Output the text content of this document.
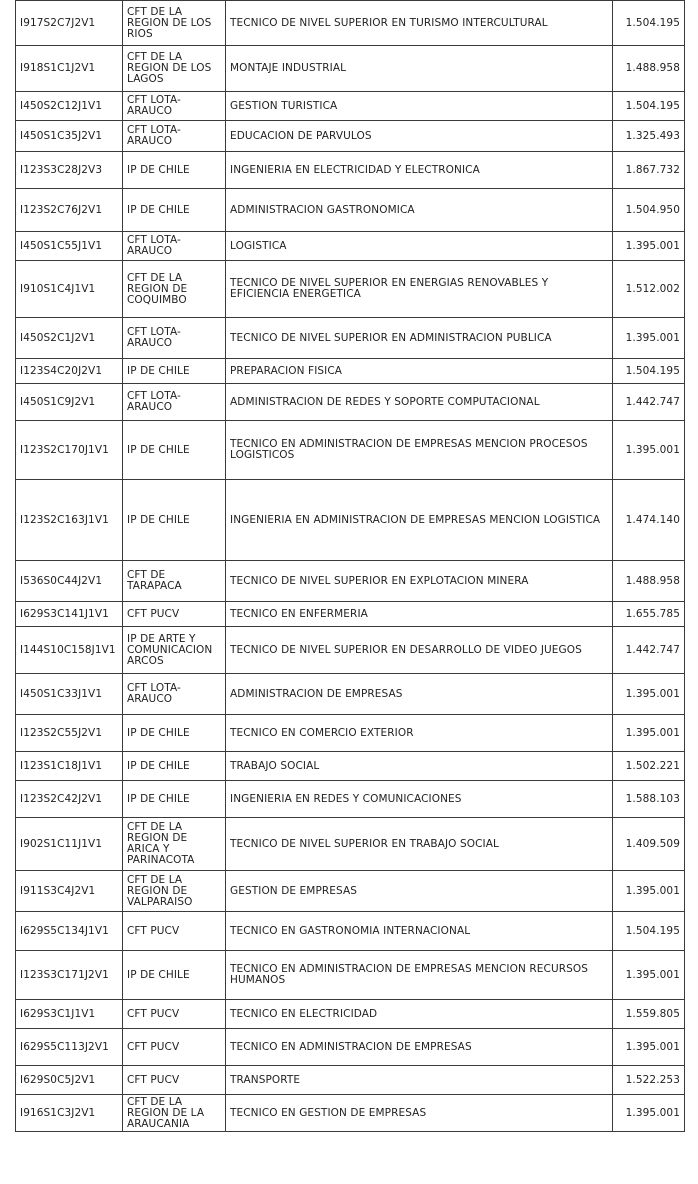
I917S2C7J2V1	CFT DE LA REGION DE LOS RIOS	TECNICO DE NIVEL SUPERIOR EN TURISMO INTERCULTURAL	1.504.195
I918S1C1J2V1	CFT DE LA REGION DE LOS LAGOS	MONTAJE INDUSTRIAL	1.488.958
I450S2C12J1V1	CFT LOTA-ARAUCO	GESTION TURISTICA	1.504.195
I450S1C35J2V1	CFT LOTA-ARAUCO	EDUCACION DE PARVULOS	1.325.493
I123S3C28J2V3	IP DE CHILE	INGENIERIA EN ELECTRICIDAD Y ELECTRONICA	1.867.732
I123S2C76J2V1	IP DE CHILE	ADMINISTRACION GASTRONOMICA	1.504.950
I450S1C55J1V1	CFT LOTA-ARAUCO	LOGISTICA	1.395.001
I910S1C4J1V1	CFT DE LA REGION DE COQUIMBO	TECNICO DE NIVEL SUPERIOR EN ENERGIAS RENOVABLES Y EFICIENCIA ENERGETICA	1.512.002
I450S2C1J2V1	CFT LOTA-ARAUCO	TECNICO DE NIVEL SUPERIOR EN ADMINISTRACION PUBLICA	1.395.001
I123S4C20J2V1	IP DE CHILE	PREPARACION FISICA	1.504.195
I450S1C9J2V1	CFT LOTA-ARAUCO	ADMINISTRACION DE REDES Y SOPORTE COMPUTACIONAL	1.442.747
I123S2C170J1V1	IP DE CHILE	TECNICO EN ADMINISTRACION DE EMPRESAS MENCION PROCESOS LOGISTICOS	1.395.001
I123S2C163J1V1	IP DE CHILE	INGENIERIA EN ADMINISTRACION DE EMPRESAS MENCION LOGISTICA	1.474.140
I536S0C44J2V1	CFT DE TARAPACA	TECNICO DE NIVEL SUPERIOR EN EXPLOTACION MINERA	1.488.958
I629S3C141J1V1	CFT PUCV	TECNICO EN ENFERMERIA	1.655.785
I144S10C158J1V1	IP DE ARTE Y COMUNICACION ARCOS	TECNICO DE NIVEL SUPERIOR EN DESARROLLO DE VIDEO JUEGOS	1.442.747
I450S1C33J1V1	CFT LOTA-ARAUCO	ADMINISTRACION DE EMPRESAS	1.395.001
I123S2C55J2V1	IP DE CHILE	TECNICO EN COMERCIO EXTERIOR	1.395.001
I123S1C18J1V1	IP DE CHILE	TRABAJO SOCIAL	1.502.221
I123S2C42J2V1	IP DE CHILE	INGENIERIA EN REDES Y COMUNICACIONES	1.588.103
I902S1C11J1V1	CFT DE LA REGION DE ARICA Y PARINACOTA	TECNICO DE NIVEL SUPERIOR EN TRABAJO SOCIAL	1.409.509
I911S3C4J2V1	CFT DE LA REGION DE VALPARAISO	GESTION DE EMPRESAS	1.395.001
I629S5C134J1V1	CFT PUCV	TECNICO EN GASTRONOMIA INTERNACIONAL	1.504.195
I123S3C171J2V1	IP DE CHILE	TECNICO EN ADMINISTRACION DE EMPRESAS MENCION RECURSOS HUMANOS	1.395.001
I629S3C1J1V1	CFT PUCV	TECNICO EN ELECTRICIDAD	1.559.805
I629S5C113J2V1	CFT PUCV	TECNICO EN ADMINISTRACION DE EMPRESAS	1.395.001
I629S0C5J2V1	CFT PUCV	TRANSPORTE	1.522.253
I916S1C3J2V1	CFT DE LA REGION DE LA ARAUCANIA	TECNICO EN GESTION DE EMPRESAS	1.395.001
